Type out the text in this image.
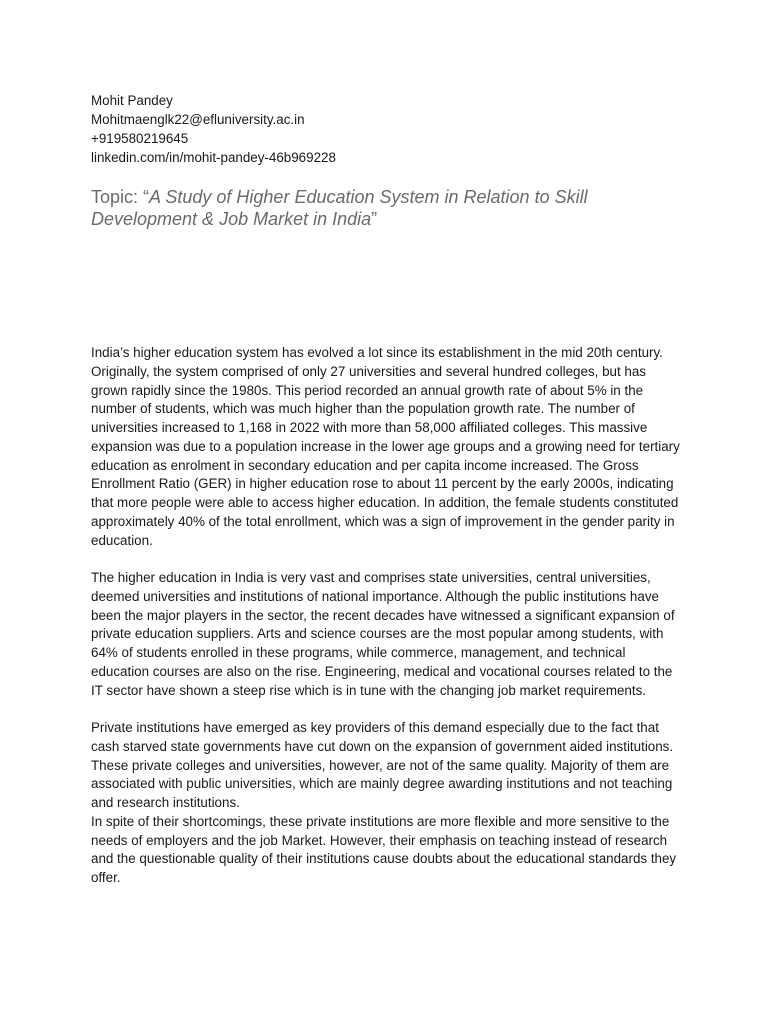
Mohit Pandey
Mohitmaenglk22@efluniversity.ac.in
+919580219645
linkedin.com/in/mohit-pandey-46b969228
Topic: “A Study of Higher Education System in Relation to Skill Development & Job Market in India”

India’s higher education system has evolved a lot since its establishment in the mid 20th century. Originally, the system comprised of only 27 universities and several hundred colleges, but has grown rapidly since the 1980s. This period recorded an annual growth rate of about 5% in the number of students, which was much higher than the population growth rate. The number of universities increased to 1,168 in 2022 with more than 58,000 affiliated colleges. This massive expansion was due to a population increase in the lower age groups and a growing need for tertiary education as enrolment in secondary education and per capita income increased. The Gross Enrollment Ratio (GER) in higher education rose to about 11 percent by the early 2000s, indicating that more people were able to access higher education. In addition, the female students constituted approximately 40% of the total enrollment, which was a sign of improvement in the gender parity in education.

The higher education in India is very vast and comprises state universities, central universities, deemed universities and institutions of national importance. Although the public institutions have been the major players in the sector, the recent decades have witnessed a significant expansion of private education suppliers. Arts and science courses are the most popular among students, with 64% of students enrolled in these programs, while commerce, management, and technical education courses are also on the rise. Engineering, medical and vocational courses related to the IT sector have shown a steep rise which is in tune with the changing job market requirements.

Private institutions have emerged as key providers of this demand especially due to the fact that cash starved state governments have cut down on the expansion of government aided institutions. These private colleges and universities, however, are not of the same quality. Majority of them are associated with public universities, which are mainly degree awarding institutions and not teaching and research institutions.

In spite of their shortcomings, these private institutions are more flexible and more sensitive to the needs of employers and the job Market. However, their emphasis on teaching instead of research and the questionable quality of their institutions cause doubts about the educational standards they offer.
